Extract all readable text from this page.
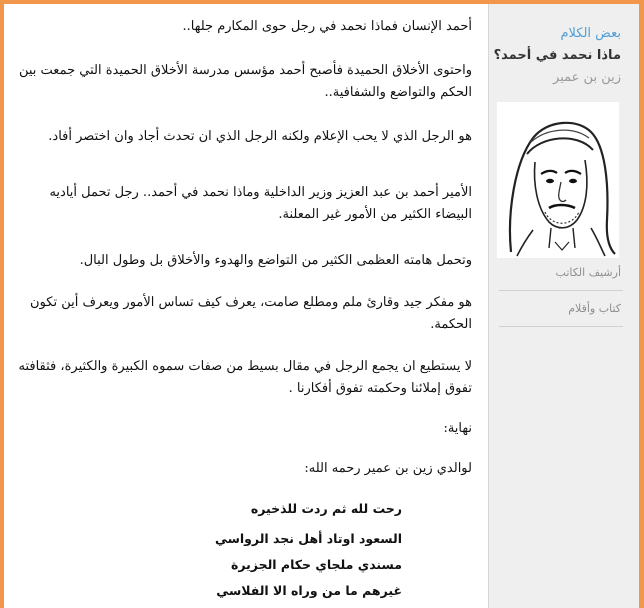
أحمد الإنسان فماذا نحمد في رجل حوى المكارم جلها..

واحتوى الأخلاق الحميدة فأصبح أحمد مؤسس مدرسة الأخلاق الحميدة التي جمعت بين الحكم والتواضع والشفافية..

هو الرجل الذي لا يحب الإعلام ولكنه الرجل الذي ان تحدث أجاد وان اختصر أفاد.

الأمير أحمد بن عبد العزيز وزير الداخلية وماذا نحمد في أحمد.. رجل تحمل أياديه البيضاء الكثير من الأمور غير المعلنة.

وتحمل هامته العظمى الكثير من التواضع والهدوء والأخلاق بل وطول البال.

هو مفكر جيد وقارئ ملم ومطلع صامت، يعرف كيف تساس الأمور ويعرف أين تكون الحكمة.

لا يستطيع ان يجمع الرجل في مقال بسيط من صفات سموه الكبيرة والكثيرة، فثقافته تفوق إملائنا وحكمته تفوق أفكارنا .

نهاية:

لوالدي زين بن عمير رحمه الله:

رحت لله ثم ردت للذخيره
السعود اوتاد أهل نجد الرواسي
مسندي ملجاي حكام الجزيرة
غيرهم ما من وراه الا الفلاسي
بعض الكلام
ماذا نحمد في أحمد؟
زين بن عمير
أرشيف الكاتب
كتاب وأقلام
